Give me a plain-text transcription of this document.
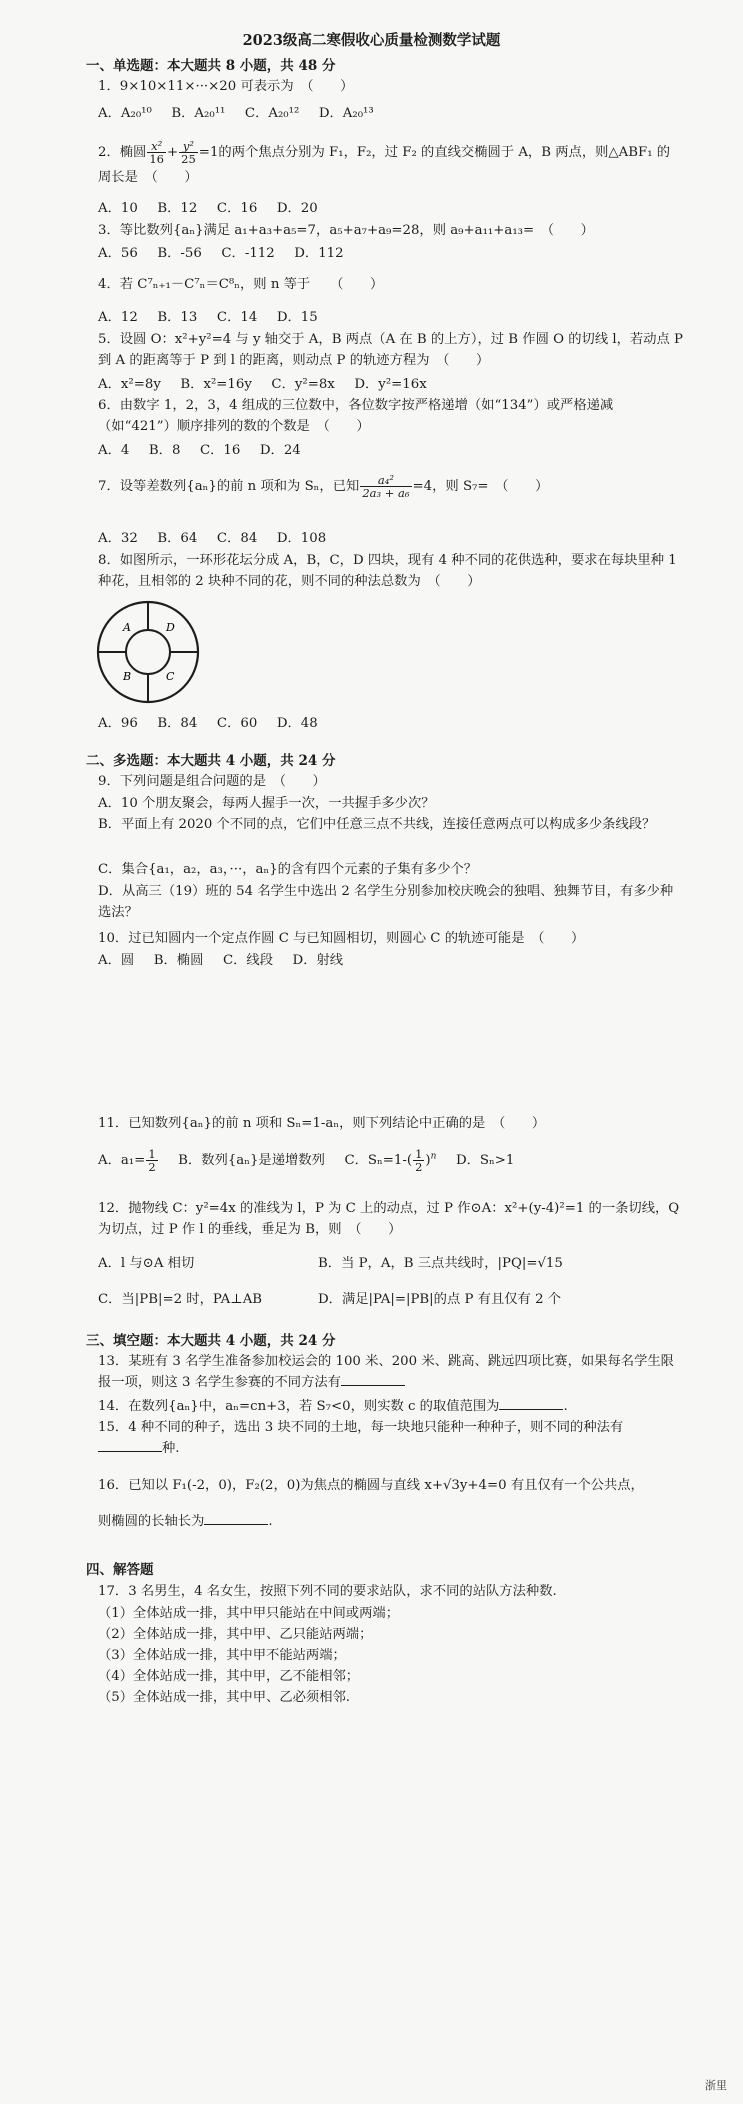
2023级高二寒假收心质量检测数学试题
一、单选题：本大题共 8 小题，共 48 分
1．9×10×11×···×20 可表示为　（　　）
A．A₂₀¹⁰　 B．A₂₀¹¹　 C．A₂₀¹²　 D．A₂₀¹³
2．椭圆 $\frac{\text{x²}}{16} + \frac{\text{y²}}{25} =1$的两个焦点分别为 F₁，F₂，过 F₂ 的直线交椭圆于 A，B 两点，则△ABF₁ 的周长是　（　　）
A．10　 B．12　 C．16　 D．20
3．等比数列{aₙ}满足 a₁+a₃+a₅=7，a₅+a₇+a₉=28，则 a₉+a₁₁+a₁₃=　（　　）
A．56　 B．-56　 C．-112　 D．112
4．若 C⁷ₙ₊₁－C⁷ₙ＝C⁸ₙ，则 n 等于　　（　　）
A．12　 B．13　 C．14　 D．15
5．设圆 O：x²+y²=4 与 y 轴交于 A，B 两点（A 在 B 的上方），过 B 作圆 O 的切线 l，若动点 P 到 A 的距离等于 P 到 l 的距离，则动点 P 的轨迹方程为　（　　）
A．x²=8y　 B．x²=16y　 C．y²=8x　 D．y²=16x
6．由数字 1，2，3，4 组成的三位数中，各位数字按严格递增（如“134”）或严格递减（如“421”）顺序排列的数的个数是　（　　）
A．4　 B．8　 C．16　 D．24
7．设等差数列{aₙ}的前 n 项和为 Sₙ，已知 $\frac{\text{a₄²}}{\text{2a₃ + a₆}} =4$，则 S₇=　（　　）
A．32　 B．64　 C．84　 D．108
8．如图所示，一环形花坛分成 A，B，C，D 四块，现有 4 种不同的花供选种，要求在每块里种 1 种花，且相邻的 2 块种不同的花，则不同的种法总数为　（　　）
A	D
B	C
A．96　 B．84　 C．60　 D．48
二、多选题：本大题共 4 小题，共 24 分
9．下列问题是组合问题的是　（　　）
A．10 个朋友聚会，每两人握手一次，一共握手多少次？
B．平面上有 2020 个不同的点，它们中任意三点不共线，连接任意两点可以构成多少条线段？
C．集合{a₁，a₂，a₃，···，aₙ}的含有四个元素的子集有多少个？
D．从高三（19）班的 54 名学生中选出 2 名学生分别参加校庆晚会的独唱、独舞节目，有多少种选法？
10．过已知圆内一个定点作圆 C 与已知圆相切，则圆心 C 的轨迹可能是　（　　）
A．圆　 B．椭圆　 C．线段　 D．射线
11．已知数列{aₙ}的前 n 项和 Sₙ=1-aₙ，则下列结论中正确的是　（　　）
A．$a_1= \frac{1}{2}$
　 B．数列{aₙ}是递增数列　 C．$S_n=1-( \frac{1}{2} )^n$　 D．Sₙ>1
12．抛物线 C：y²=4x 的准线为 l，P 为 C 上的动点，过 P 作⊙A：x²+(y-4)²=1 的一条切线，Q 为切点，过 P 作 l 的垂线，垂足为 B，则　（　　）
A．l 与⊙A 相切	B．当 P，A，B 三点共线时，|PQ|=√15
C．当|PB|=2 时，PA⊥AB	D．满足|PA|=|PB|的点 P 有且仅有 2 个
三、填空题：本大题共 4 小题，共 24 分
13．某班有 3 名学生准备参加校运会的 100 米、200 米、跳高、跳远四项比赛，如果每名学生限报一项，则这 3 名学生参赛的不同方法有
14．在数列{aₙ}中，aₙ=cn+3，若 S₇<0，则实数 c 的取值范围为	.
15．4 种不同的种子，选出 3 块不同的土地，每一块地只能种一种种子，则不同的种法有种.
16．已知以 F₁(-2，0)，F₂(2，0)为焦点的椭圆与直线 x+√3y+4=0 有且仅有一个公共点，
则椭圆的长轴长为	.
四、解答题
17．3 名男生，4 名女生，按照下列不同的要求站队，求不同的站队方法种数.
（1）全体站成一排，其中甲只能站在中间或两端；
（2）全体站成一排，其中甲、乙只能站两端；
（3）全体站成一排，其中甲不能站两端；
（4）全体站成一排，其中甲，乙不能相邻；
（5）全体站成一排，其中甲、乙必须相邻.
浙里
